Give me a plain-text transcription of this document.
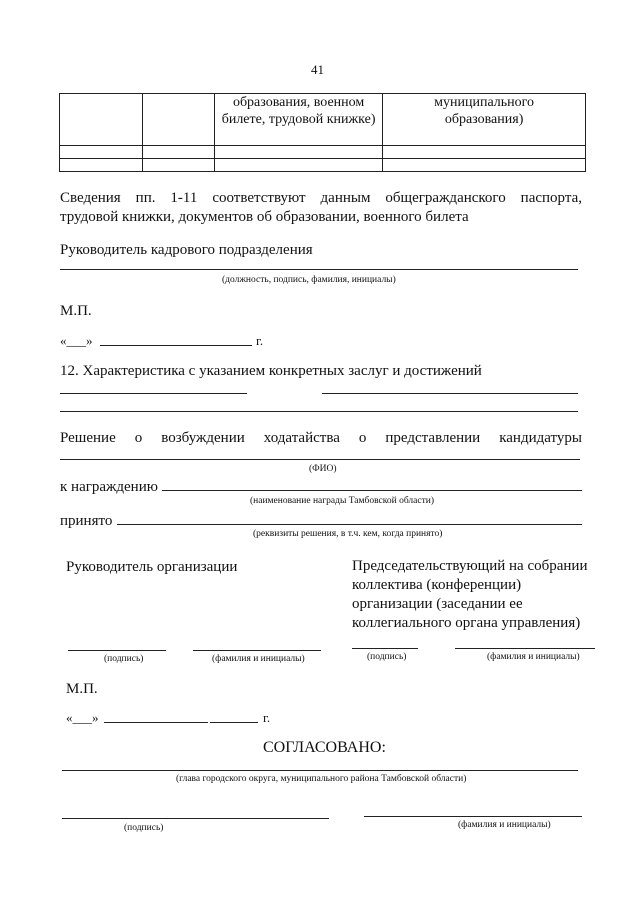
41
		образования, военном билете, трудовой книжке)	муниципального образования)

Сведения пп. 1-11 соответствуют данным общегражданского паспорта,
трудовой книжки, документов об образовании, военного билета
Руководитель кадрового подразделения
(должность, подпись, фамилия, инициалы)
М.П.
«___»	г.
12. Характеристика с указанием конкретных заслуг и достижений
Решение о возбуждении ходатайства о представлении кандидатуры
(ФИО)
к награждению
(наименование награды Тамбовской области)
принято
(реквизиты решения, в т.ч. кем, когда принято)
Руководитель организации	Председательствующий на собрании
коллектива (конференции)
организации (заседании ее
коллегиального органа управления)
(подпись)	(фамилия и инициалы)	(подпись)	(фамилия и инициалы)
М.П.
«___»	г.
СОГЛАСОВАНО:
(глава городского округа, муниципального района Тамбовской области)
(подпись)	(фамилия и инициалы)
